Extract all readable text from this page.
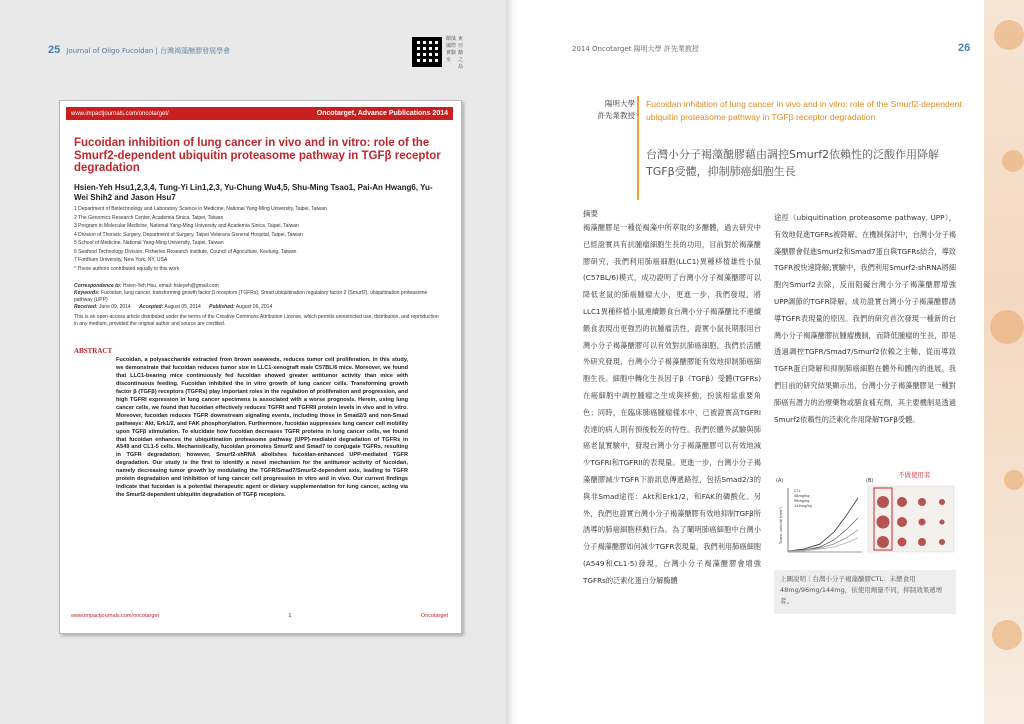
25 Journal of Oligo Fucoidan | 台灣褐藻醣膠發展學會
醣藻國際實驗室
東亞醣之島
www.impactjournals.com/oncotarget/	Oncotarget, Advance Publications 2014
Fucoidan inhibition of lung cancer in vivo and in vitro: role of the Smurf2-dependent ubiquitin proteasome pathway in TGFβ receptor degradation
Hsien-Yeh Hsu1,2,3,4, Tung-Yi Lin1,2,3, Yu-Chung Wu4,5, Shu-Ming Tsao1, Pai-An Hwang6, Yu-Wei Shih2 and Jason Hsu7
1 Department of Biotechnology and Laboratory Science in Medicine, National Yang-Ming University, Taipei, Taiwan
2 The Genomics Research Center, Academia Sinica, Taipei, Taiwan
3 Program in Molecular Medicine, National Yang-Ming University and Academia Sinica, Taipei, Taiwan
4 Division of Thoracic Surgery, Department of Surgery, Taipei Veterans General Hospital, Taipei, Taiwan
5 School of Medicine, National Yang-Ming University, Taipei, Taiwan
6 Seafood Technology Division, Fisheries Research Institute, Council of Agriculture, Keelung, Taiwan
7 Fordham University, New York, NY, USA
* These authors contributed equally to this work
Correspondence to: Hsien-Yeh Hsu, email: hsleyeh@gmail.com
Keywords: Fucoidan, lung cancer, transforming growth factor β receptors (TGFRs), Smad ubiquitination regulatory factor 2 (Smurf2), ubiquitination proteasome pathway (UPP)
Received: June 09, 2014 Accepted: August 05, 2014 Published: August 06, 2014
This is an open-access article distributed under the terms of the Creative Commons Attribution License, which permits unrestricted use, distribution, and reproduction in any medium, provided the original author and source are credited.
ABSTRACT
Fucoidan, a polysaccharide extracted from brown seaweeds, reduces tumor cell proliferation. In this study, we demonstrate that fucoidan reduces tumor size in LLC1-xenograft male C57BL/6 mice. Moreover, we found that LLC1-bearing mice continuously fed fucoidan showed greater antitumor activity than mice with discontinuous feeding. Fucoidan inhibited the in vitro growth of lung cancer cells. Transforming growth factor β (TGFβ) receptors (TGFRs) play important roles in the regulation of proliferation and progression, and high TGFRI expression in lung cancer specimens is associated with a worse prognosis. Herein, using lung cancer cells, we found that fucoidan effectively reduces TGFRI and TGFRII protein levels in vivo and in vitro. Moreover, fucoidan reduces TGFR downstream signaling events, including those in Smad2/3 and non-Smad pathways: Akt, Erk1/2, and FAK phosphorylation. Furthermore, fucoidan suppresses lung cancer cell mobility upon TGFβ stimulation. To elucidate how fucoidan decreases TGFR proteins in lung cancer cells, we found that fucoidan enhances the ubiquitination proteasome pathway (UPP)-mediated degradation of TGFRs in A549 and CL1-5 cells. Mechanistically, fucoidan promotes Smurf2 and Smad7 to conjugate TGFRs, resulting in TGFR degradation; however, Smurf2-shRNA abolishes fucoidan-enhanced UPP-mediated TGFR degradation. Our study is the first to identify a novel mechanism for the antitumor activity of fucoidan, namely decreasing tumor growth by modulating the TGFR/Smad7/Smurf2-dependent axis, leading to TGFR protein degradation and inhibition of lung cancer cell progression in vitro and in vivo. Our current findings indicate that fucoidan is a potential therapeutic agent or dietary supplementation for lung cancer, acting via the Smurf2-dependent ubiquitin degradation of TGFβ receptors.
www.impactjournals.com/oncotarget	1	Oncotarget
2014 Oncotarget 陽明大學 許先業教授	26
陽明大學
許先業教授
Fucoidan inhibition of lung cancer in vivo and in vitro: role of the Smurf2-dependent ubiquitin proteasome pathway in TGFβ receptor degradation
台灣小分子褐藻醣膠藉由調控Smurf2依賴性的泛酸作用降解TGFβ受體，抑制肺癌細胞生長
摘要
褐藻醣膠是一種從褐藻中所萃取的多醣體，過去研究中已經證實具有抗腫瘤細胞生長的功用，目前對於褐藻醣膠研究，我們利用肺癌細胞(LLC1)異種移植雄性小鼠(C57BL/6)模式，成功證明了台灣小分子褐藻醣膠可以降低老鼠的肺癌腫瘤大小，更進一步，我們發現，將LLC1異種移植小鼠連續餵食台灣小分子褐藻醣比不連續餵食表現出更強烈的抗腫瘤活性，證實小鼠長期服用台灣小分子褐藻醣膠可以有效對抗肺癌細胞。我們於活體外研究發現，台灣小分子褐藻醣膠能有效地抑制肺癌細胞生長。細胞中轉化生長因子β（TGFβ）受體(TGFRs)在癌細胞中調控腫瘤之生成與移動，扮演相當重要角色；同時，在臨床肺癌腫瘤樣本中，已被證實高TGFRI表達的病人則有預後較差的特性。我們於體外試驗與肺癌老鼠實驗中，發現台灣小分子褐藻醣膠可以有效地減少TGFRI和TGFRII的表現量。更進一步，台灣小分子褐藻醣膠減少TGFR下游訊息傳遞路徑，包括Smad2/3的與非Smad途徑：Akt和Erk1/2，和FAK的磷酸化。另外，我們也證實台灣小分子褐藻醣膠有效地抑制TGFβ所誘導的肺癌細胞移動行為。為了闡明肺癌細胞中台灣小分子褐藻醣膠如何減少TGFR表現量，我們利用肺癌細胞(A549和CL1-5)發現，台灣小分子褐藻醣膠會增強TGFRs的泛素化蛋白分解酶體
途徑（ubiquitination proteasome pathway, UPP），有效地促進TGFRs被降解。在機制探討中，台灣小分子褐藻醣膠會促進Smurf2和Smad7蛋白與TGFRs結合，導致TGFR被快速降解;實驗中，我們利用Smurf2-shRNA將細胞內Smurf2去除，反而阻礙台灣小分子褐藻醣膠增強UPP調節的TGFR降解。成功證實台灣小分子褐藻醣膠誘導TGFR表現量的原因。我們的研究首次發現一種新的台灣小分子褐藻醣膠抗腫瘤機制，而降低腫瘤的生長，即是透過調控TGFR/Smad7/Smurf2依賴之主軸，從而導致TGFR蛋白降解和抑制肺癌細胞在體外和體內的進展。我們目前的研究結果顯示出，台灣小分子褐藻醣膠是一種對肺癌有潛力的治療藥物或膳食補充劑，其主要機制是透過Smurf2依賴性的泛素化作用降解TGFβ受體。
不做使用者
(A)	(B)
Tumor volume (mm³)
CTL
48mg/kg
96mg/kg
144mg/kg
上圖說明｜台灣小分子褐藻醣膠CTL：未餵食用48mg/96mg/144mg，依使用劑量不同，抑制效果遞增者。
